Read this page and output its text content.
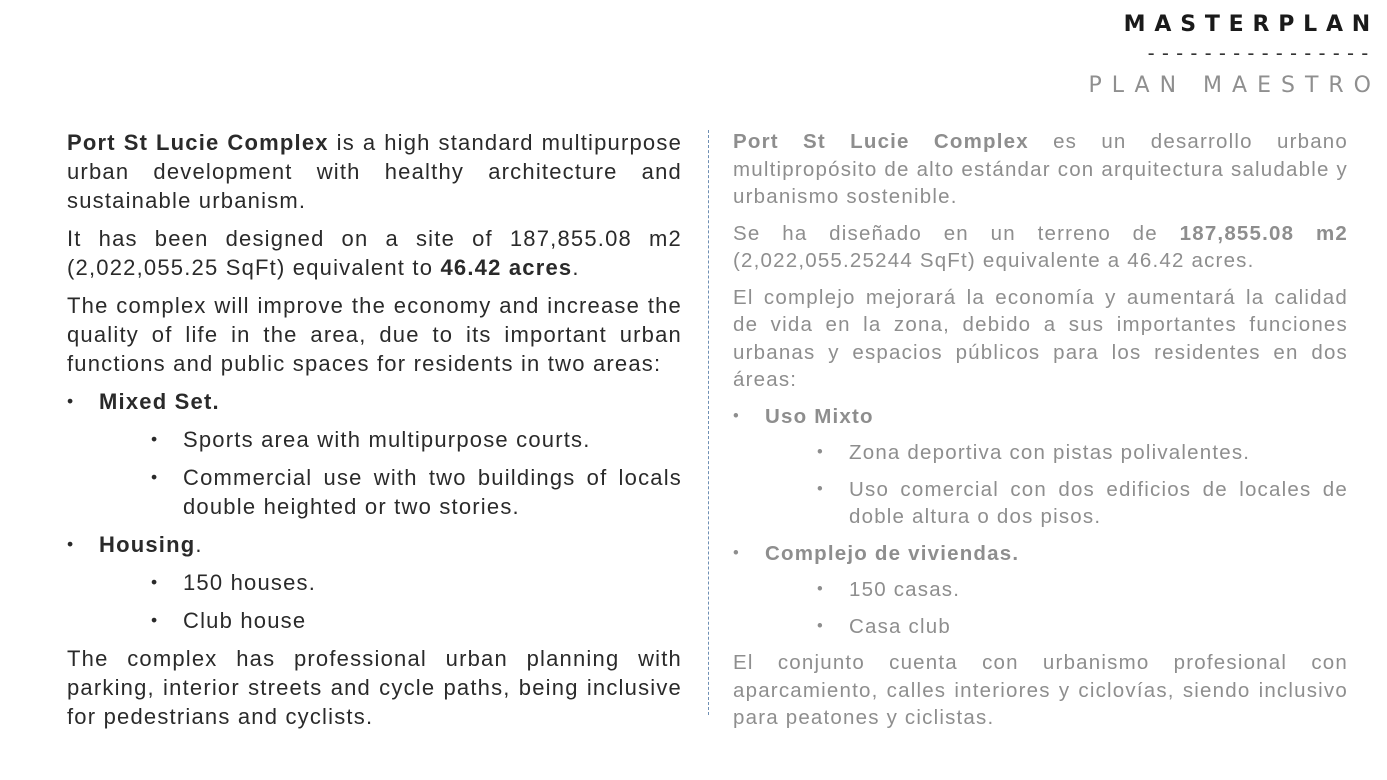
MASTERPLAN
----------------
PLAN MAESTRO

Port St Lucie Complex is a high standard multipurpose urban development with healthy architecture and sustainable urbanism.

It has been designed on a site of 187,855.08 m2 (2,022,055.25 SqFt) equivalent to 46.42 acres.

The complex will improve the economy and increase the quality of life in the area, due to its important urban functions and public spaces for residents in two areas:

• Mixed Set.
• Sports area with multipurpose courts.
• Commercial use with two buildings of locals double heighted or two stories.
• Housing.
• 150 houses.
• Club house

The complex has professional urban planning with parking, interior streets and cycle paths, being inclusive for pedestrians and cyclists.

Port St Lucie Complex es un desarrollo urbano multipropósito de alto estándar con arquitectura saludable y urbanismo sostenible.

Se ha diseñado en un terreno de 187,855.08 m2 (2,022,055.25244 SqFt) equivalente a 46.42 acres.

El complejo mejorará la economía y aumentará la calidad de vida en la zona, debido a sus importantes funciones urbanas y espacios públicos para los residentes en dos áreas:

• Uso Mixto
• Zona deportiva con pistas polivalentes.
• Uso comercial con dos edificios de locales de doble altura o dos pisos.
• Complejo de viviendas.
• 150 casas.
• Casa club

El conjunto cuenta con urbanismo profesional con aparcamiento, calles interiores y ciclovías, siendo inclusivo para peatones y ciclistas.
